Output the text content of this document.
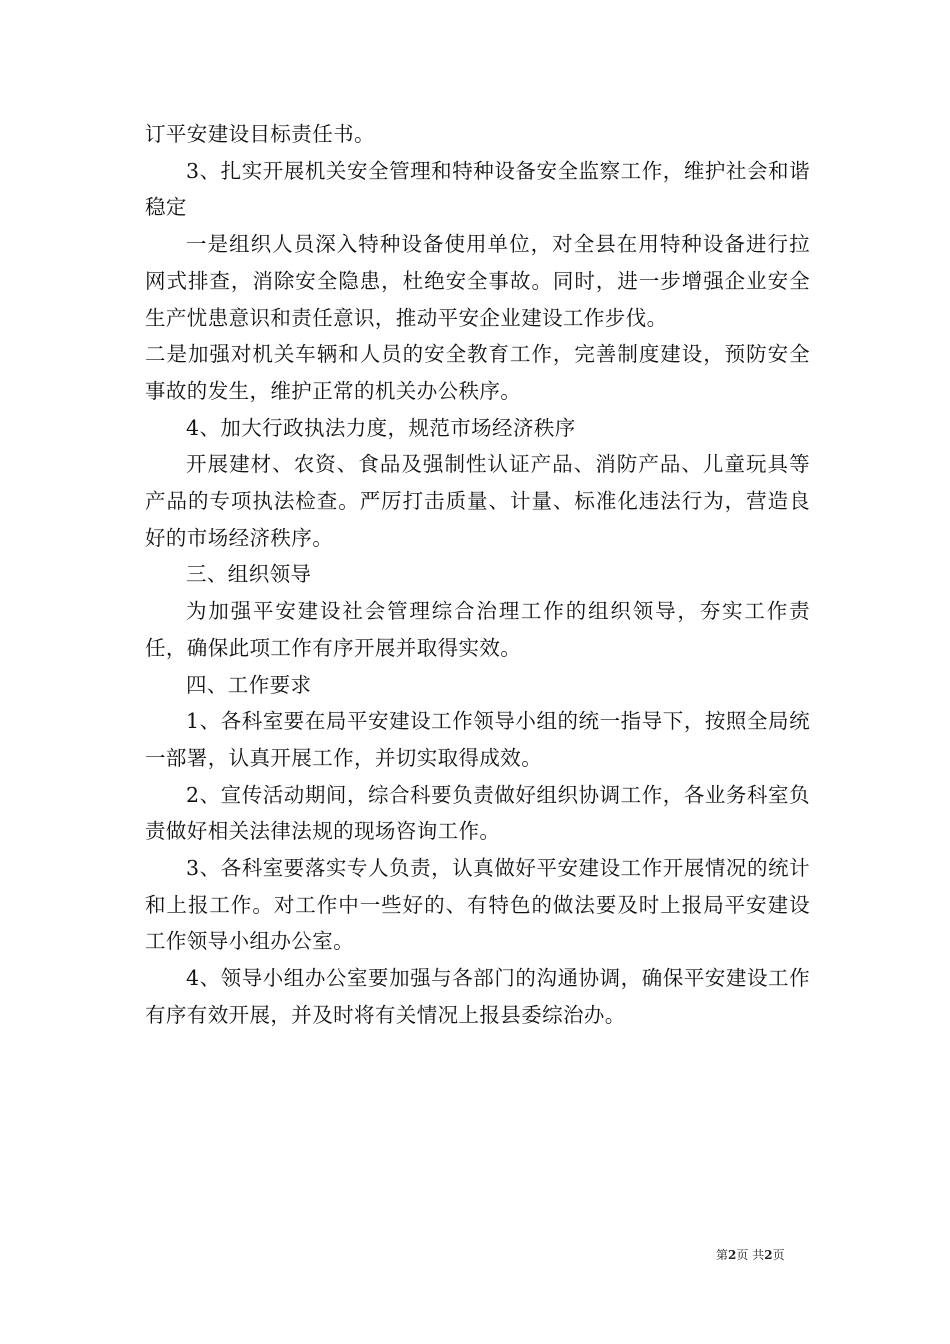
订平安建设目标责任书。

3、扎实开展机关安全管理和特种设备安全监察工作，维护社会和谐稳定

一是组织人员深入特种设备使用单位，对全县在用特种设备进行拉网式排查，消除安全隐患，杜绝安全事故。同时，进一步增强企业安全生产忧患意识和责任意识，推动平安企业建设工作步伐。

二是加强对机关车辆和人员的安全教育工作，完善制度建设，预防安全事故的发生，维护正常的机关办公秩序。

4、加大行政执法力度，规范市场经济秩序

开展建材、农资、食品及强制性认证产品、消防产品、儿童玩具等产品的专项执法检查。严厉打击质量、计量、标准化违法行为，营造良好的市场经济秩序。

三、组织领导

为加强平安建设社会管理综合治理工作的组织领导，夯实工作责任，确保此项工作有序开展并取得实效。

四、工作要求

1、各科室要在局平安建设工作领导小组的统一指导下，按照全局统一部署，认真开展工作，并切实取得成效。

2、宣传活动期间，综合科要负责做好组织协调工作，各业务科室负责做好相关法律法规的现场咨询工作。

3、各科室要落实专人负责，认真做好平安建设工作开展情况的统计和上报工作。对工作中一些好的、有特色的做法要及时上报局平安建设工作领导小组办公室。

4、领导小组办公室要加强与各部门的沟通协调，确保平安建设工作有序有效开展，并及时将有关情况上报县委综治办。

第2页 共2页
